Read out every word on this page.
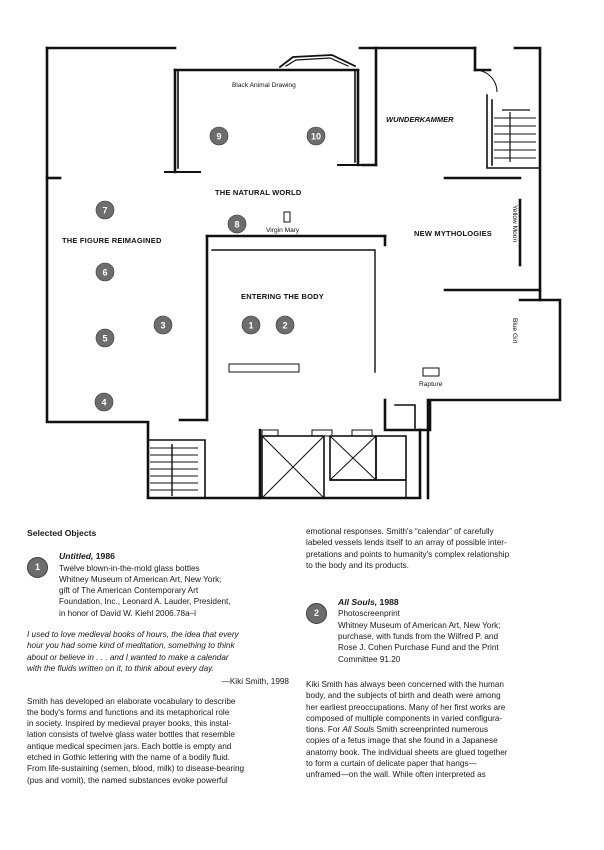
Black Animal Drawing
WUNDERKAMMER
THE NATURAL WORLD
THE FIGURE REIMAGINED
Virgin Mary	NEW MYTHOLOGIES
ENTERING THE BODY
Yellow Moon
Blue Girl
Rapture
1	2
3
4
5
6
7
8
9	10
Selected Objects
1
Untitled, 1986
Twelve blown-in-the-mold glass bottles
Whitney Museum of American Art, New York;
gift of The American Contemporary Art
Foundation, Inc., Leonard A. Lauder, President,
in honor of David W. Kiehl 2006.78a–l
I used to love medieval books of hours, the idea that every
hour you had some kind of meditation, something to think
about or believe in . . . and I wanted to make a calendar
with the fluids written on it, to think about every day.
—Kiki Smith, 1998
Smith has developed an elaborate vocabulary to describe
the body's forms and functions and its metaphorical role
in society. Inspired by medieval prayer books, this instal-
lation consists of twelve glass water bottles that resemble
antique medical specimen jars. Each bottle is empty and
etched in Gothic lettering with the name of a bodily fluid.
From life-sustaining (semen, blood, milk) to disease-bearing
(pus and vomit), the named substances evoke powerful
emotional responses. Smith's “calendar” of carefully
labeled vessels lends itself to an array of possible inter-
pretations and points to humanity's complex relationship
to the body and its products.
2
All Souls, 1988
Photoscreenprint
Whitney Museum of American Art, New York;
purchase, with funds from the Wilfred P. and
Rose J. Cohen Purchase Fund and the Print
Committee 91.20
Kiki Smith has always been concerned with the human
body, and the subjects of birth and death were among
her earliest preoccupations. Many of her first works are
composed of multiple components in varied configura-
tions. For All Souls Smith screenprinted numerous
copies of a fetus image that she found in a Japanese
anatomy book. The individual sheets are glued together
to form a curtain of delicate paper that hangs—
unframed—on the wall. While often interpreted as
